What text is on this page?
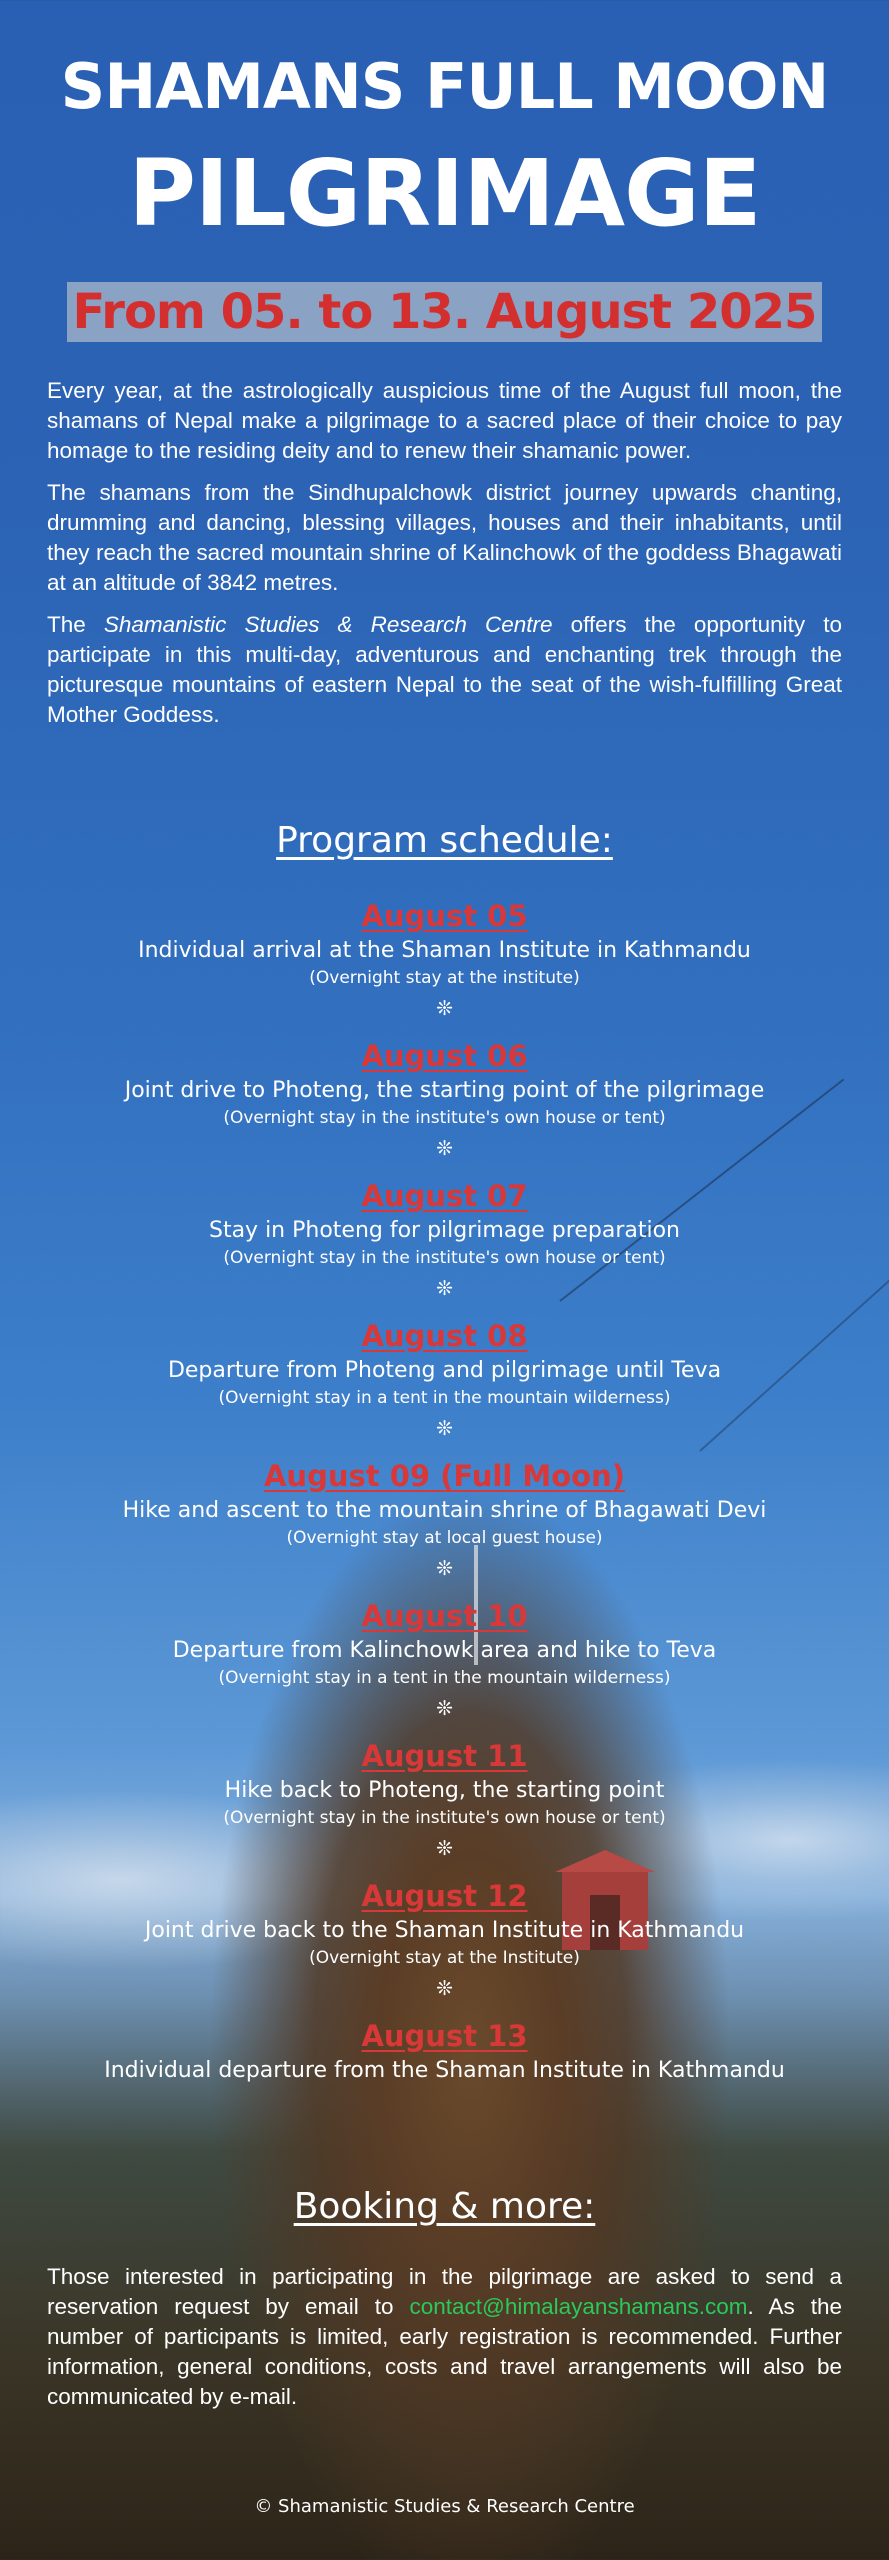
SHAMANS FULL MOON
PILGRIMAGE
From 05. to 13. August 2025

Every year, at the astrologically auspicious time of the August full moon, the shamans of Nepal make a pilgrimage to a sacred place of their choice to pay homage to the residing deity and to renew their shamanic power.

The shamans from the Sindhupalchowk district journey upwards chanting, drumming and dancing, blessing villages, houses and their inhabitants, until they reach the sacred mountain shrine of Kalinchowk of the goddess Bhagawati at an altitude of 3842 metres.

The Shamanistic Studies & Research Centre offers the opportunity to participate in this multi-day, adventurous and enchanting trek through the picturesque mountains of eastern Nepal to the seat of the wish-fulfilling Great Mother Goddess.

Program schedule:
August 05
Individual arrival at the Shaman Institute in Kathmandu
(Overnight stay at the institute)
❊
August 06
Joint drive to Photeng, the starting point of the pilgrimage
(Overnight stay in the institute's own house or tent)
❊
August 07
Stay in Photeng for pilgrimage preparation
(Overnight stay in the institute's own house or tent)
❊
August 08
Departure from Photeng and pilgrimage until Teva
(Overnight stay in a tent in the mountain wilderness)
❊
August 09 (Full Moon)
Hike and ascent to the mountain shrine of Bhagawati Devi
(Overnight stay at local guest house)
❊
August 10
Departure from Kalinchowk area and hike to Teva
(Overnight stay in a tent in the mountain wilderness)
❊
August 11
Hike back to Photeng, the starting point
(Overnight stay in the institute's own house or tent)
❊
August 12
Joint drive back to the Shaman Institute in Kathmandu
(Overnight stay at the Institute)
❊
August 13
Individual departure from the Shaman Institute in Kathmandu
Booking & more:
Those interested in participating in the pilgrimage are asked to send a reservation request by email to contact@himalayanshamans.com. As the number of participants is limited, early registration is recommended. Further information, general conditions, costs and travel arrangements will also be communicated by e-mail.
© Shamanistic Studies & Research Centre
